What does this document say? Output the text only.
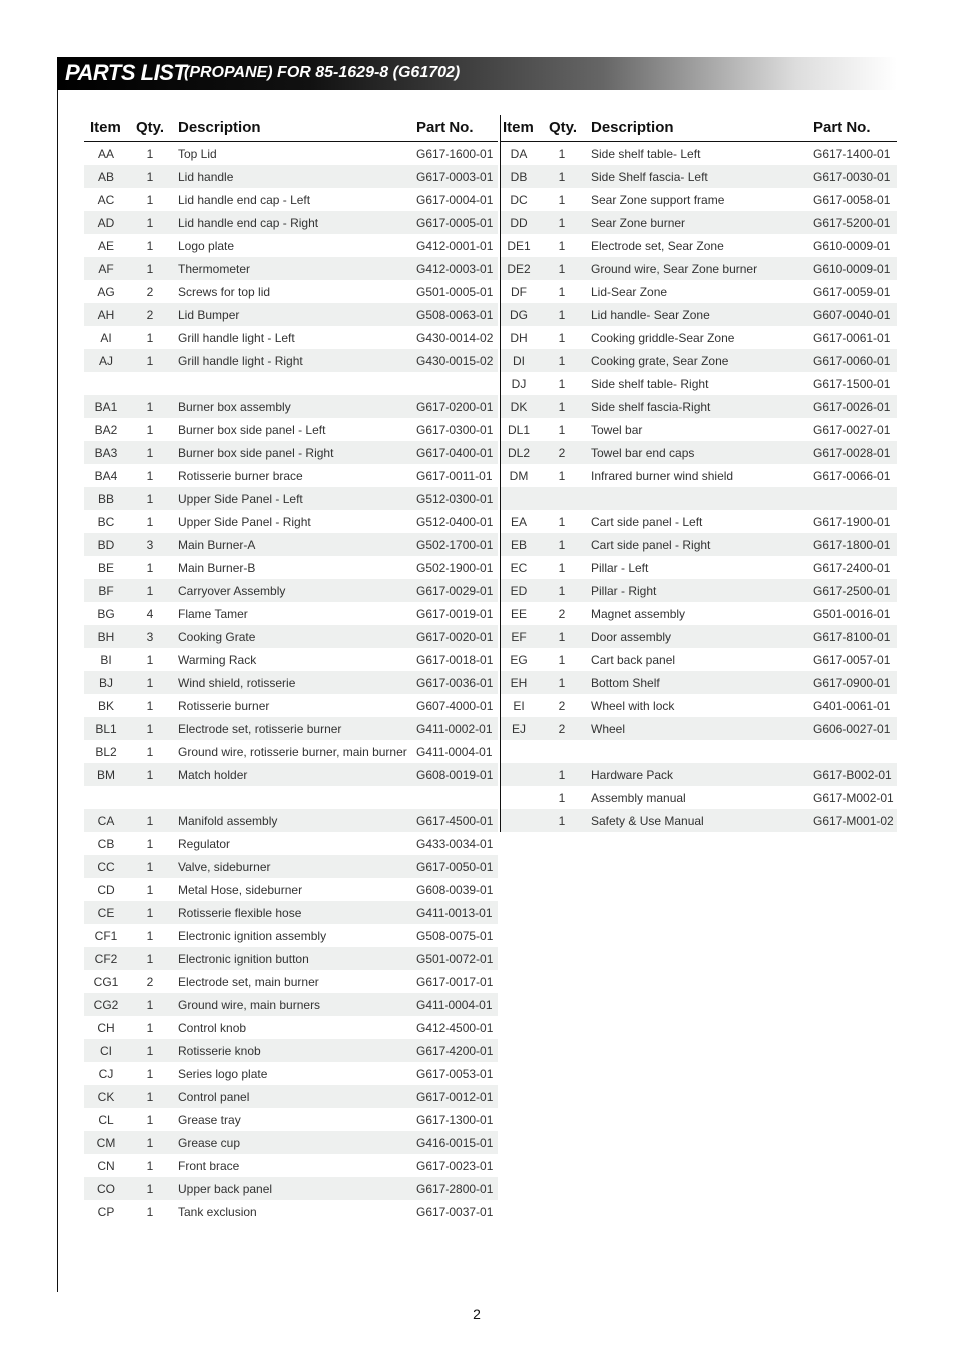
PARTS LIST
(PROPANE) FOR 85-1629-8 (G61702)
Item Qty. Description	Part No.
AA	1	Top Lid	G617-1600-01
AB	1	Lid handle	G617-0003-01
AC	1	Lid handle end cap - Left	G617-0004-01
AD	1	Lid handle end cap - Right	G617-0005-01
AE	1	Logo plate	G412-0001-01
AF	1	Thermometer	G412-0003-01
AG	2	Screws for top lid	G501-0005-01
AH	2	Lid Bumper	G508-0063-01
AI	1	Grill handle light - Left	G430-0014-02
AJ	1	Grill handle light - Right	G430-0015-02
BA1	1	Burner box assembly	G617-0200-01
BA2	1	Burner box side panel - Left	G617-0300-01
BA3	1	Burner box side panel - Right	G617-0400-01
BA4	1	Rotisserie burner brace	G617-0011-01
BB	1	Upper Side Panel - Left	G512-0300-01
BC	1	Upper Side Panel - Right	G512-0400-01
BD	3	Main Burner-A	G502-1700-01
BE	1	Main Burner-B	G502-1900-01
BF	1	Carryover Assembly	G617-0029-01
BG	4	Flame Tamer	G617-0019-01
BH	3	Cooking Grate	G617-0020-01
BI	1	Warming Rack	G617-0018-01
BJ	1	Wind shield, rotisserie	G617-0036-01
BK	1	Rotisserie burner	G607-4000-01
BL1	1	Electrode set, rotisserie burner	G411-0002-01
BL2	1	Ground wire, rotisserie burner, main burner G411-0004-01
BM	1	Match holder	G608-0019-01
CA	1	Manifold assembly	G617-4500-01
CB	1	Regulator	G433-0034-01
CC	1	Valve, sideburner	G617-0050-01
CD	1	Metal Hose, sideburner	G608-0039-01
CE	1	Rotisserie flexible hose	G411-0013-01
CF1	1	Electronic ignition assembly	G508-0075-01
CF2	1	Electronic ignition button	G501-0072-01
CG1	2	Electrode set, main burner	G617-0017-01
CG2	1	Ground wire, main burners	G411-0004-01
CH	1	Control knob	G412-4500-01
CI	1	Rotisserie knob	G617-4200-01
CJ	1	Series logo plate	G617-0053-01
CK	1	Control panel	G617-0012-01
CL	1	Grease tray	G617-1300-01
CM	1	Grease cup	G416-0015-01
CN	1	Front brace	G617-0023-01
CO	1	Upper back panel	G617-2800-01
CP	1	Tank exclusion	G617-0037-01
Item Qty. Description	Part No.
DA	1	Side shelf table- Left	G617-1400-01
DB	1	Side Shelf fascia- Left	G617-0030-01
DC	1	Sear Zone support frame	G617-0058-01
DD	1	Sear Zone burner	G617-5200-01
DE1	1	Electrode set, Sear Zone	G610-0009-01
DE2	1	Ground wire, Sear Zone burner	G610-0009-01
DF	1	Lid-Sear Zone	G617-0059-01
DG	1	Lid handle- Sear Zone	G607-0040-01
DH	1	Cooking griddle-Sear Zone	G617-0061-01
DI	1	Cooking grate, Sear Zone	G617-0060-01
DJ	1	Side shelf table- Right	G617-1500-01
DK	1	Side shelf fascia-Right	G617-0026-01
DL1	1	Towel bar	G617-0027-01
DL2	2	Towel bar end caps	G617-0028-01
DM	1	Infrared burner wind shield	G617-0066-01
EA	1	Cart side panel - Left	G617-1900-01
EB	1	Cart side panel - Right	G617-1800-01
EC	1	Pillar - Left	G617-2400-01
ED	1	Pillar - Right	G617-2500-01
EE	2	Magnet assembly	G501-0016-01
EF	1	Door assembly	G617-8100-01
EG	1	Cart back panel	G617-0057-01
EH	1	Bottom Shelf	G617-0900-01
EI	2	Wheel with lock	G401-0061-01
EJ	2	Wheel	G606-0027-01
1	Hardware Pack	G617-B002-01
1	Assembly manual	G617-M002-01
1	Safety & Use Manual	G617-M001-02
2
